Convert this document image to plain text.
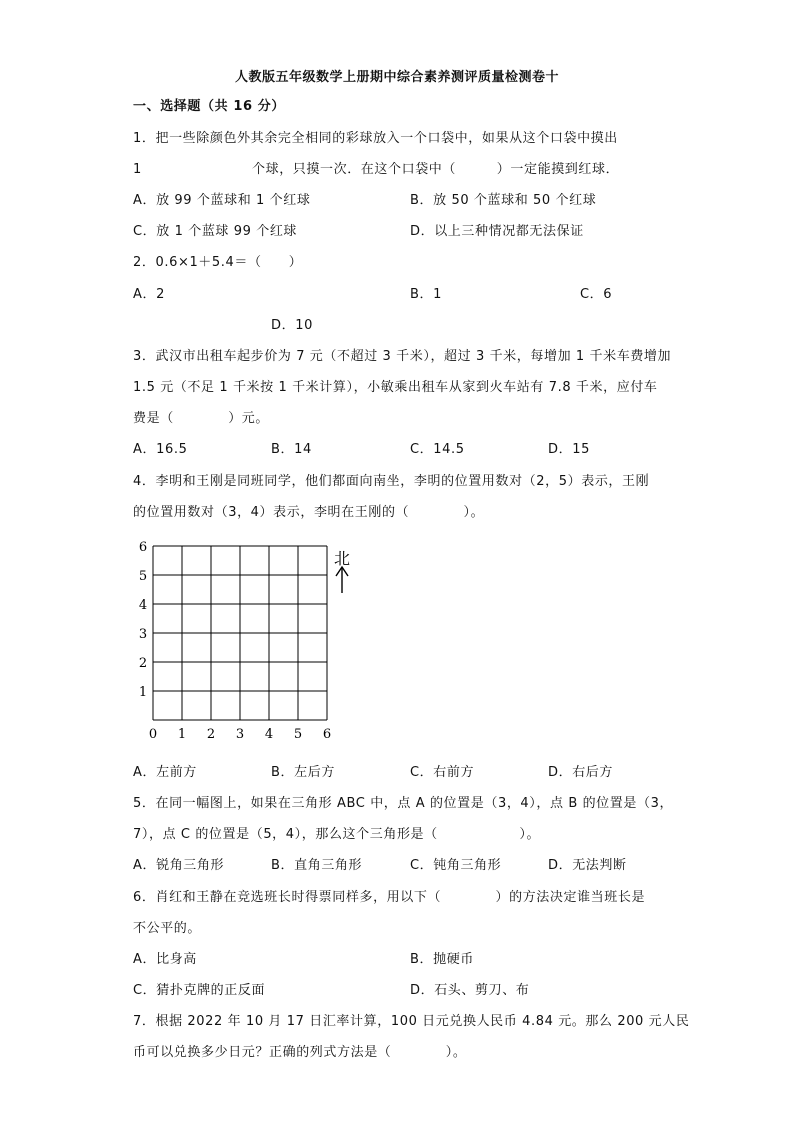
人教版五年级数学上册期中综合素养测评质量检测卷十
一、选择题（共 16 分）
1．把一些除颜色外其余完全相同的彩球放入一个口袋中，如果从这个口袋中摸出
1	个球，只摸一次．在这个口袋中（　　　）一定能摸到红球．
A．放 99 个蓝球和 1 个红球	B．放 50 个蓝球和 50 个红球
C．放 1 个蓝球 99 个红球	D．以上三种情况都无法保证
2．0.6×1＋5.4＝（　　）
A．2	B．1	C．6
D．10
3．武汉市出租车起步价为 7 元（不超过 3 千米），超过 3 千米，每增加 1 千米车费增加
1.5 元（不足 1 千米按 1 千米计算），小敏乘出租车从家到火车站有 7.8 千米，应付车
费是（　　　　）元。
A．16.5	B．14	C．14.5	D．15
4．李明和王刚是同班同学，他们都面向南坐，李明的位置用数对（2，5）表示，王刚
的位置用数对（3，4）表示，李明在王刚的（　　　　）。
0 1 2 3 4 5 6
1
2
3
4
5
6
北
A．左前方	B．左后方	C．右前方	D．右后方
5．在同一幅图上，如果在三角形 ABC 中，点 A 的位置是（3，4），点 B 的位置是（3，
7），点 C 的位置是（5，4），那么这个三角形是（　　　　　　）。
A．锐角三角形	B．直角三角形	C．钝角三角形	D．无法判断
6．肖红和王静在竞选班长时得票同样多，用以下（　　　　）的方法决定谁当班长是
不公平的。
A．比身高	B．抛硬币
C．猜扑克牌的正反面	D．石头、剪刀、布
7．根据 2022 年 10 月 17 日汇率计算，100 日元兑换人民币 4.84 元。那么 200 元人民
币可以兑换多少日元？正确的列式方法是（　　　　）。
